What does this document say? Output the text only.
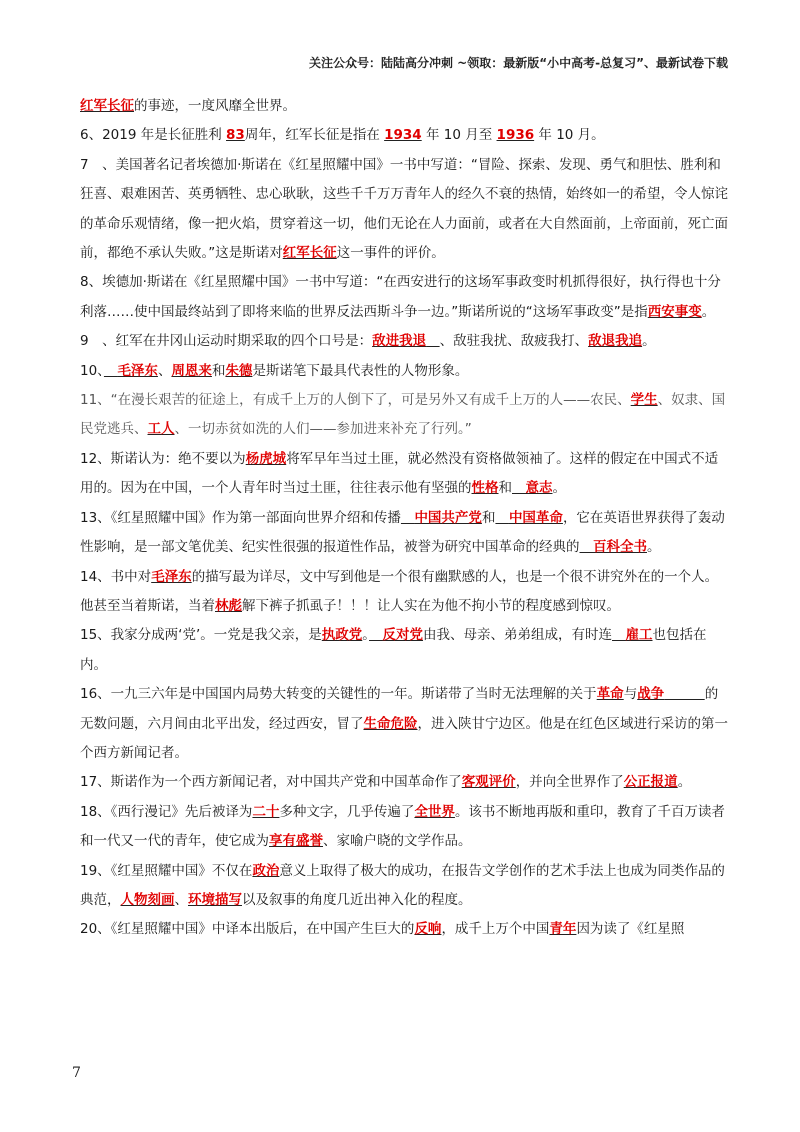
关注公众号：陆陆高分冲刺 ~领取：最新版“小中高考-总复习”、最新试卷下载

红军长征的事迹，一度风靡全世界。

6、2019 年是长征胜利 83周年，红军长征是指在 1934 年 10 月至 1936 年 10 月。

7　、美国著名记者埃德加·斯诺在《红星照耀中国》一书中写道：“冒险、探索、发现、勇气和胆怯、胜利和狂喜、艰难困苦、英勇牺牲、忠心耿耿，这些千千万万青年人的经久不衰的热情，始终如一的希望，令人惊诧的革命乐观情绪，像一把火焰，贯穿着这一切，他们无论在人力面前，或者在大自然面前，上帝面前，死亡面前，都绝不承认失败。”这是斯诺对红军长征这一事件的评价。

8、埃德加·斯诺在《红星照耀中国》一书中写道：“在西安进行的这场军事政变时机抓得很好，执行得也十分利落……使中国最终站到了即将来临的世界反法西斯斗争一边。”斯诺所说的“这场军事政变”是指西安事变。

9　、红军在井冈山运动时期采取的四个口号是：敌进我退　 、敌驻我扰、敌疲我打、敌退我追。

10、　 毛泽东、周恩来和朱德是斯诺笔下最具代表性的人物形象。

11、“在漫长艰苦的征途上，有成千上万的人倒下了，可是另外又有成千上万的人——农民、学生、奴隶、国民党逃兵、工人、一切赤贫如洗的人们——参加进来补充了行列。”

12、斯诺认为：绝不要以为杨虎城将军早年当过土匪，就必然没有资格做领袖了。这样的假定在中国式不适用的。因为在中国，一个人青年时当过土匪，往往表示他有坚强的性格和　 意志。

13、《红星照耀中国》作为第一部面向世界介绍和传播　 中国共产党和　 中国革命，它在英语世界获得了轰动性影响，是一部文笔优美、纪实性很强的报道性作品，被誉为研究中国革命的经典的　 百科全书。

14、书中对毛泽东的描写最为详尽，文中写到他是一个很有幽默感的人，也是一个很不讲究外在的一个人。他甚至当着斯诺，当着林彪解下裤子抓虱子！！！让人实在为他不拘小节的程度感到惊叹。

15、我家分成两‘党’。一党是我父亲，是执政党。　 反对党由我、母亲、弟弟组成，有时连　 雇工也包括在内。

16、一九三六年是中国国内局势大转变的关键性的一年。斯诺带了当时无法理解的关于革命与战争　　　	的无数问题，六月间由北平出发，经过西安，冒了生命危险，进入陕甘宁边区。他是在红色区域进行采访的第一个西方新闻记者。

17、斯诺作为一个西方新闻记者，对中国共产党和中国革命作了客观评价，并向全世界作了公正报道。

18、《西行漫记》先后被译为二十多种文字，几乎传遍了全世界。该书不断地再版和重印，教育了千百万读者和一代又一代的青年，使它成为享有盛誉、家喻户晓的文学作品。

19、《红星照耀中国》不仅在政治意义上取得了极大的成功，在报告文学创作的艺术手法上也成为同类作品的典范，人物刻画、环境描写以及叙事的角度几近出神入化的程度。

20、《红星照耀中国》中译本出版后，在中国产生巨大的反响，成千上万个中国青年因为读了《红星照

7
